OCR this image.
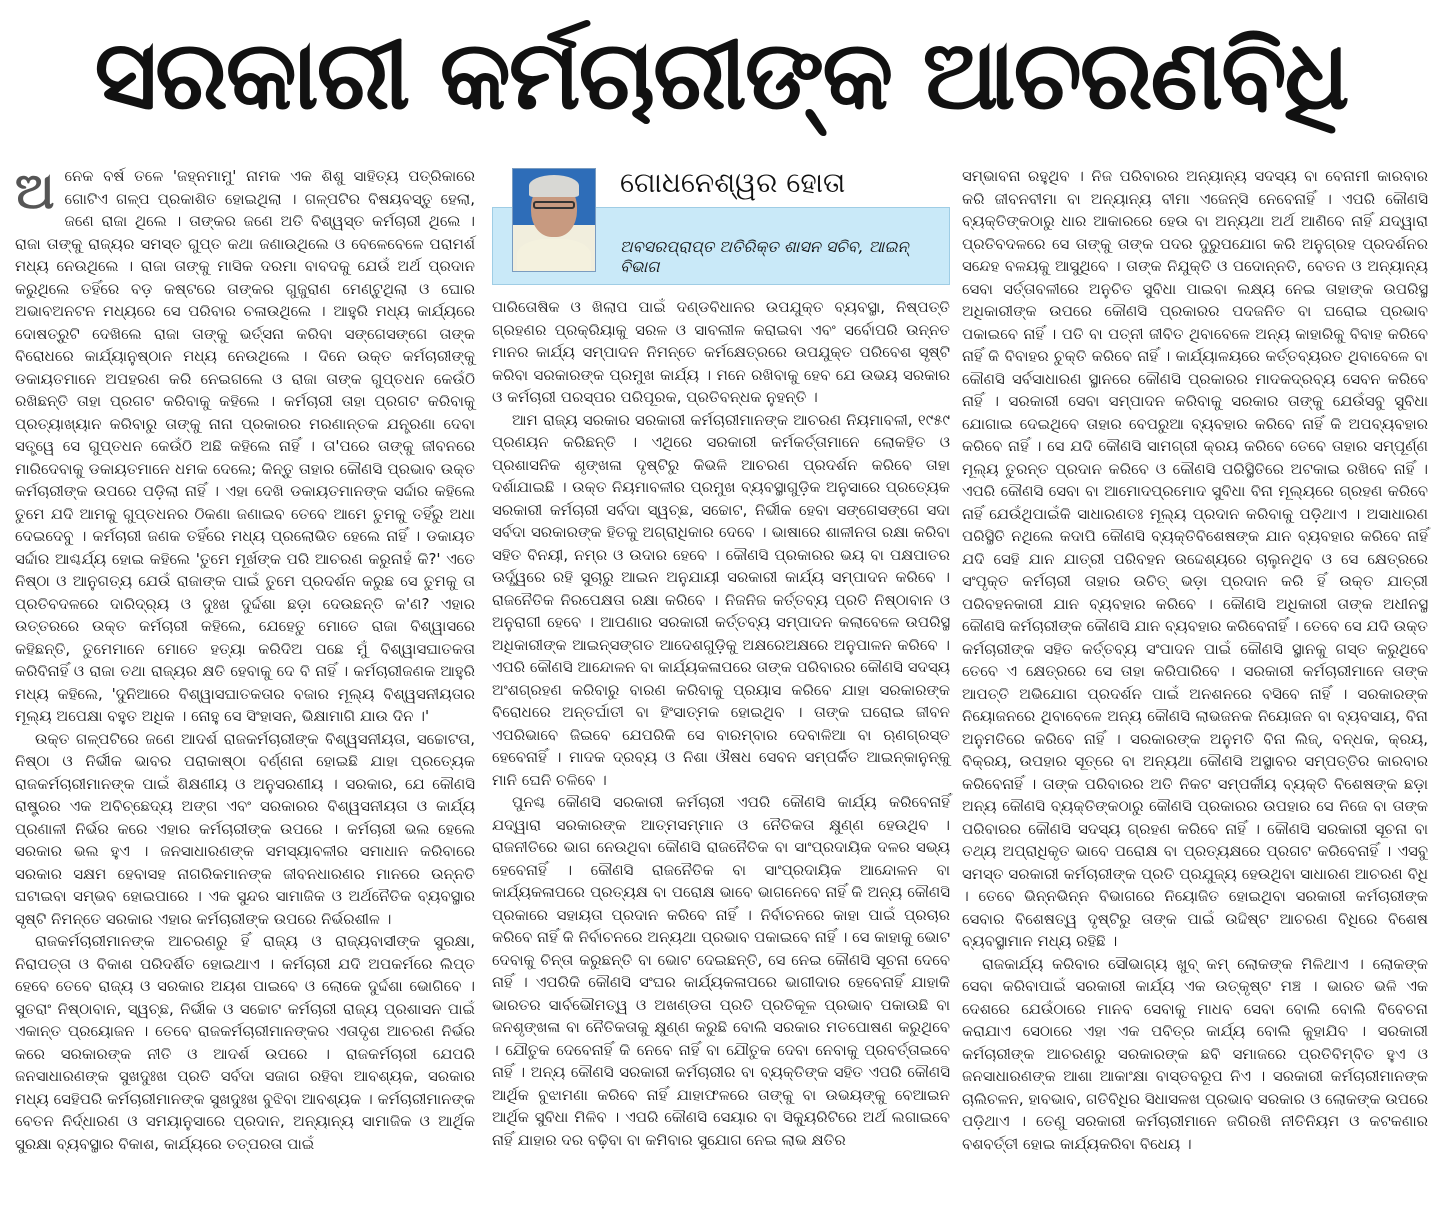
ସରକାରୀ କର୍ମଚାରୀଙ୍କ ଆଚରଣବିଧି

ଅନେକ ବର୍ଷ ତଳେ 'ଜହ୍ନମାମୁ' ନାମକ ଏକ ଶିଶୁ ସାହିତ୍ୟ ପତ୍ରିକାରେ ଗୋଟିଏ ଗଳ୍ପ ପ୍ରକାଶିତ ହୋଇଥିଲା । ଗଳ୍ପଟିର ବିଷୟବସ୍ତୁ ହେଲା, ଜଣେ ରାଜା ଥିଲେ । ତାଙ୍କର ଜଣେ ଅତି ବିଶ୍ୱସ୍ତ କର୍ମଚାରୀ ଥିଲେ । ରାଜା ତାଙ୍କୁ ରାଜ୍ୟର ସମସ୍ତ ଗୁପ୍ତ କଥା ଜଣାଉଥିଲେ ଓ ବେଳେବେଳେ ପରାମର୍ଶ ମଧ୍ୟ ନେଉଥିଲେ । ରାଜା ତାଙ୍କୁ ମାସିକ ଦରମା ବାବଦକୁ ଯେଉଁ ଅର୍ଥ ପ୍ରଦାନ କରୁଥିଲେ ତହିଁରେ ବଡ଼ କଷ୍ଟରେ ତାଙ୍କର ଗୁଜୁରାଣ ମେଣ୍ଟୁଥିଲା ଓ ଘୋର ଅଭାବଅନଟନ ମଧ୍ୟରେ ସେ ପରିବାର ଚଳାଉଥିଲେ । ଆହୁରି ମଧ୍ୟ କାର୍ଯ୍ୟରେ ଦୋଷତ୍ରୁଟି ଦେଖିଲେ ରାଜା ତାଙ୍କୁ ଭର୍ତ୍ସନା କରିବା ସଙ୍ଗେସଙ୍ଗେ ତାଙ୍କ ବିରୋଧରେ କାର୍ଯ୍ୟାନୁଷ୍ଠାନ ମଧ୍ୟ ନେଉଥିଲେ । ଦିନେ ଉକ୍ତ କର୍ମଚାରୀଙ୍କୁ ଡକାୟତମାନେ ଅପହରଣ କରି ନେଇଗଲେ ଓ ରାଜା ତାଙ୍କ ଗୁପ୍ତଧନ କେଉଁଠି ରଖିଛନ୍ତି ତାହା ପ୍ରଗଟ କରିବାକୁ କହିଲେ । କର୍ମଚାରୀ ତାହା ପ୍ରଗଟ କରିବାକୁ ପ୍ରତ୍ୟାଖ୍ୟାନ କରିବାରୁ ତାଙ୍କୁ ନାନା ପ୍ରକାରର ମରଣାନ୍ତକ ଯନ୍ତ୍ରଣା ଦେବା ସତ୍ତ୍ୱେ ସେ ଗୁପ୍ତଧନ କେଉଁଠି ଅଛି କହିଲେ ନାହିଁ । ତା'ପରେ ତାଙ୍କୁ ଜୀବନରେ ମାରିଦେବାକୁ ଡକାୟତମାନେ ଧମକ ଦେଲେ; କିନ୍ତୁ ତାହାର କୌଣସି ପ୍ରଭାବ ଉକ୍ତ କର୍ମଚାରୀଙ୍କ ଉପରେ ପଡ଼ିଲା ନାହିଁ । ଏହା ଦେଖି ଡକାୟତମାନଙ୍କ ସର୍ଦ୍ଦାର କହିଲେ ତୁମେ ଯଦି ଆମକୁ ଗୁପ୍ତଧନର ଠିକଣା ଜଣାଇବ ତେବେ ଆମେ ତୁମକୁ ତହିଁରୁ ଅଧା ଦେଇଦେବୁ । କର୍ମଚାରୀ ଜଣକ ତହିଁରେ ମଧ୍ୟ ପ୍ରଲୋଭିତ ହେଲେ ନାହିଁ । ଡକାୟତ ସର୍ଦ୍ଦାର ଆଶ୍ଚର୍ଯ୍ୟ ହୋଇ କହିଲେ 'ତୁମେ ମୂର୍ଖଙ୍କ ପରି ଆଚରଣ କରୁନାହଁ କି?' ଏତେ ନିଷ୍ଠା ଓ ଆନୁଗତ୍ୟ ଯେଉଁ ରାଜାଙ୍କ ପାଇଁ ତୁମେ ପ୍ରଦର୍ଶନ କରୁଛ ସେ ତୁମକୁ ତା ପ୍ରତିବଦଳରେ ଦାରିଦ୍ର୍ୟ ଓ ଦୁଃଖ ଦୁର୍ଦ୍ଦଶା ଛଡ଼ା ଦେଉଛନ୍ତି କ'ଣ? ଏହାର ଉତ୍ତରରେ ଉକ୍ତ କର୍ମଚାରୀ କହିଲେ, ଯେହେତୁ ମୋତେ ରାଜା ବିଶ୍ୱାସରେ କହିଛନ୍ତି, ତୁମେମାନେ ମୋତେ ହତ୍ୟା କରିଦିଅ ପଛେ ମୁଁ ବିଶ୍ୱାସଘାତକତା କରିବିନାହିଁ ଓ ରାଜା ତଥା ରାଜ୍ୟର କ୍ଷତି ହେବାକୁ ଦେ ବି ନାହିଁ । କର୍ମଚାରୀଜଣକ ଆହୁରି ମଧ୍ୟ କହିଲେ, 'ଦୁନିଆରେ ବିଶ୍ୱାସଘାତକତାର ବଜାର ମୂଲ୍ୟ ବିଶ୍ୱସନୀୟତାର ମୂଲ୍ୟ ଅପେକ୍ଷା ବହୁତ ଅଧିକ । ନୋହୁ ସେ ସିଂହାସନ, ଭିକ୍ଷାମାଗି ଯାଉ ଦିନ ।'

ଉକ୍ତ ଗଳ୍ପଟିରେ ଜଣେ ଆଦର୍ଶ ରାଜକର୍ମଚାରୀଙ୍କ ବିଶ୍ୱସନୀୟତା, ସଚ୍ଚୋଟତା, ନିଷ୍ଠା ଓ ନିର୍ଭୀକ ଭାବର ପରାକାଷ୍ଠା ବର୍ଣ୍ଣନା ହୋଇଛି ଯାହା ପ୍ରତ୍ୟେକ ରାଜକର୍ମଚାରୀମାନଙ୍କ ପାଇଁ ଶିକ୍ଷଣୀୟ ଓ ଅନୁସରଣୀୟ । ସରକାର, ଯେ କୌଣସି ରାଷ୍ଟ୍ରର ଏକ ଅବିଚ୍ଛେଦ୍ୟ ଅଙ୍ଗ ଏବଂ ସରକାରର ବିଶ୍ୱସନୀୟତା ଓ କାର୍ଯ୍ୟ ପ୍ରଣାଳୀ ନିର୍ଭର କରେ ଏହାର କର୍ମଚାରୀଙ୍କ ଉପରେ । କର୍ମଚାରୀ ଭଲ ହେଲେ ସରକାର ଭଲ ହୁଏ । ଜନସାଧାରଣଙ୍କ ସମସ୍ୟାବଳୀର ସମାଧାନ କରିବାରେ ସରକାର ସକ୍ଷମ ହେବାସହ ନାଗରିକମାନଙ୍କ ଜୀବନଧାରଣର ମାନରେ ଉନ୍ନତି ଘଟାଇବା ସମ୍ଭବ ହୋଇପାରେ । ଏକ ସୁନ୍ଦର ସାମାଜିକ ଓ ଅର୍ଥନୈତିକ ବ୍ୟବସ୍ଥାର ସୃଷ୍ଟି ନିମନ୍ତେ ସରକାର ଏହାର କର୍ମଚାରୀଙ୍କ ଉପରେ ନିର୍ଭରଶୀଳ ।

ରାଜକର୍ମଚାରୀମାନଙ୍କ ଆଚରଣରୁ ହିଁ ରାଜ୍ୟ ଓ ରାଜ୍ୟବାସୀଙ୍କ ସୁରକ୍ଷା, ନିରାପତ୍ତା ଓ ବିକାଶ ପରିଦର୍ଶିତ ହୋଇଥାଏ । କର୍ମଚାରୀ ଯଦି ଅପକର୍ମରେ ଲିପ୍ତ ହେବେ ତେବେ ରାଜ୍ୟ ଓ ସରକାର ଅୟଶ ପାଇବେ ଓ ଲୋକେ ଦୁର୍ଦ୍ଦଶା ଭୋଗିବେ । ସୁତରାଂ ନିଷ୍ଠାବାନ, ସ୍ୱଚ୍ଛ, ନିର୍ଭୀକ ଓ ସଚ୍ଚୋଟ କର୍ମଚାରୀ ରାଜ୍ୟ ପ୍ରଶାସନ ପାଇଁ ଏକାନ୍ତ ପ୍ରୟୋଜନ । ତେବେ ରାଜକର୍ମଚାରୀମାନଙ୍କର ଏତାଦୃଶ ଆଚରଣ ନିର୍ଭର କରେ ସରକାରଙ୍କ ନୀତି ଓ ଆଦର୍ଶ ଉପରେ । ରାଜକର୍ମଚାରୀ ଯେପରି ଜନସାଧାରଣଙ୍କ ସୁଖଦୁଃଖ ପ୍ରତି ସର୍ବଦା ସଜାଗ ରହିବା ଆବଶ୍ୟକ, ସରକାର ମଧ୍ୟ ସେହିପରି କର୍ମଚାରୀମାନଙ୍କ ସୁଖଦୁଃଖ ବୁଝିବା ଆବଶ୍ୟକ । କର୍ମଚାରୀମାନଙ୍କ ବେତନ ନିର୍ଦ୍ଧାରଣ ଓ ସମୟାନୁସାରେ ପ୍ରଦାନ, ଅନ୍ୟାନ୍ୟ ସାମାଜିକ ଓ ଆର୍ଥିକ ସୁରକ୍ଷା ବ୍ୟବସ୍ଥାର ବିକାଶ, କାର୍ଯ୍ୟରେ ତତ୍ପରତା ପାଇଁ

ଗୋଧନେଶ୍ୱର ହୋତା
ଅବସରପ୍ରାପ୍ତ ଅତିରିକ୍ତ ଶାସନ ସଚିବ, ଆଇନ୍ ବିଭାଗ

ପାରିତୋଷିକ ଓ ଖିଲାପ ପାଇଁ ଦଣ୍ଡବିଧାନର ଉପଯୁକ୍ତ ବ୍ୟବସ୍ଥା, ନିଷ୍ପତ୍ତି ଗ୍ରହଣର ପ୍ରକ୍ରିୟାକୁ ସରଳ ଓ ସାବଲୀଳ କରାଇବା ଏବଂ ସର୍ବୋପରି ଉନ୍ନତ ମାନର କାର୍ଯ୍ୟ ସମ୍ପାଦନ ନିମନ୍ତେ କର୍ମକ୍ଷେତ୍ରରେ ଉପଯୁକ୍ତ ପରିବେଶ ସୃଷ୍ଟି କରିବା ସରକାରଙ୍କ ପ୍ରମୁଖ କାର୍ଯ୍ୟ । ମନେ ରଖିବାକୁ ହେବ ଯେ ଉଭୟ ସରକାର ଓ କର୍ମଚାରୀ ପରସ୍ପର ପରିପୂରକ, ପ୍ରତିବନ୍ଧକ ନୁହନ୍ତି ।

ଆମ ରାଜ୍ୟ ସରକାର ସରକାରୀ କର୍ମଚାରୀମାନଙ୍କ ଆଚରଣ ନିୟମାବଳୀ, ୧୯୫୯ ପ୍ରଣୟନ କରିଛନ୍ତି । ଏଥିରେ ସରକାରୀ କର୍ମକର୍ତ୍ତାମାନେ ଲୋକହିତ ଓ ପ୍ରଶାସନିକ ଶୃଙ୍ଖଳା ଦୃଷ୍ଟିରୁ କିଭଳି ଆଚରଣ ପ୍ରଦର୍ଶନ କରିବେ ତାହା ଦର୍ଶାଯାଇଛି । ଉକ୍ତ ନିୟମାବଳୀର ପ୍ରମୁଖ ବ୍ୟବସ୍ଥାଗୁଡ଼ିକ ଅନୁସାରେ ପ୍ରତ୍ୟେକ ସରକାରୀ କର୍ମଚାରୀ ସର୍ବଦା ସ୍ୱଚ୍ଛ, ସଚ୍ଚୋଟ, ନିର୍ଭୀକ ହେବା ସଙ୍ଗେସଙ୍ଗେ ସଦା ସର୍ବଦା ସରକାରଙ୍କ ହିତକୁ ଅଗ୍ରାଧିକାର ଦେବେ । ଭାଷାରେ ଶାଳୀନତା ରକ୍ଷା କରିବା ସହିତ ବିନୟୀ, ନମ୍ର ଓ ଉଦାର ହେବେ । କୌଣସି ପ୍ରକାରର ଭୟ ବା ପକ୍ଷପାତର ଊର୍ଦ୍ଧ୍ୱରେ ରହି ସୁଚାରୁ ଆଇନ ଅନୁଯାୟୀ ସରକାରୀ କାର୍ଯ୍ୟ ସମ୍ପାଦନ କରିବେ । ରାଜନୈତିକ ନିରପେକ୍ଷତା ରକ୍ଷା କରିବେ । ନିଜନିଜ କର୍ତ୍ତବ୍ୟ ପ୍ରତି ନିଷ୍ଠାବାନ ଓ ଅନୁରାଗୀ ହେବେ । ଆପଣାର ସରକାରୀ କର୍ତ୍ତବ୍ୟ ସମ୍ପାଦନ କଲାବେଳେ ଉପରିସ୍ଥ ଅଧିକାରୀଙ୍କ ଆଇନ୍‌ସଙ୍ଗତ ଆଦେଶଗୁଡ଼ିକୁ ଅକ୍ଷରେଅକ୍ଷରେ ଅନୁପାଳନ କରିବେ । ଏପରି କୌଣସି ଆନ୍ଦୋଳନ ବା କାର୍ଯ୍ୟକଳାପରେ ତାଙ୍କ ପରିବାରର କୌଣସି ସଦସ୍ୟ ଅଂଶଗ୍ରହଣ କରିବାରୁ ବାରଣ କରିବାକୁ ପ୍ରୟାସ କରିବେ ଯାହା ସରକାରଙ୍କ ବିରୋଧରେ ଅନ୍ତର୍ଘାତୀ ବା ହିଂସାତ୍ମକ ହୋଇଥିବ । ତାଙ୍କ ଘରୋଇ ଜୀବନ ଏପରିଭାବେ ଜିଇବେ ଯେପରିକି ସେ ବାରମ୍ବାର ଦେବାଳିଆ ବା ଋଣଗ୍ରସ୍ତ ହେବେନାହିଁ । ମାଦକ ଦ୍ରବ୍ୟ ଓ ନିଶା ଔଷଧ ସେବନ ସମ୍ପର୍କିତ ଆଇନ୍‌କାନୁନ୍‌କୁ ମାନି ଘେନି ଚଳିବେ ।

ପୁନଶ୍ଚ କୌଣସି ସରକାରୀ କର୍ମଚାରୀ ଏପରି କୌଣସି କାର୍ଯ୍ୟ କରିବେନାହିଁ ଯଦ୍ୱାରା ସରକାରଙ୍କ ଆତ୍ମସମ୍ମାନ ଓ ନୈତିକତା କ୍ଷୁଣ୍ଣ ହେଉଥିବ । ରାଜନୀତିରେ ଭାଗ ନେଉଥିବା କୌଣସି ରାଜନୈତିକ ବା ସାଂପ୍ରଦାୟିକ ଦଳର ସଭ୍ୟ ହେବେନାହିଁ । କୌଣସି ରାଜନୈତିକ ବା ସାଂପ୍ରଦାୟିକ ଆନ୍ଦୋଳନ ବା କାର୍ଯ୍ୟକଳାପରେ ପ୍ରତ୍ୟକ୍ଷ ବା ପରୋକ୍ଷ ଭାବେ ଭାଗନେବେ ନାହିଁ କି ଅନ୍ୟ କୌଣସି ପ୍ରକାରେ ସହାୟତା ପ୍ରଦାନ କରିବେ ନାହିଁ । ନିର୍ବାଚନରେ କାହା ପାଇଁ ପ୍ରଚାର କରିବେ ନାହିଁ କି ନିର୍ବାଚନରେ ଅନ୍ୟଥା ପ୍ରଭାବ ପକାଇବେ ନାହିଁ । ସେ କାହାକୁ ଭୋଟ ଦେବାକୁ ଚିନ୍ତା କରୁଛନ୍ତି ବା ଭୋଟ ଦେଇଛନ୍ତି, ସେ ନେଇ କୌଣସି ସୂଚନା ଦେବେ ନାହିଁ । ଏପରିକି କୌଣସି ସଂଘର କାର୍ଯ୍ୟକଳାପରେ ଭାଗୀଦାର ହେବେନାହିଁ ଯାହାକି ଭାରତର ସାର୍ବଭୌମତ୍ୱ ଓ ଅଖଣ୍ଡତା ପ୍ରତି ପ୍ରତିକୂଳ ପ୍ରଭାବ ପକାଉଛି ବା ଜନଶୃଙ୍ଖଳା ବା ନୈତିକତାକୁ କ୍ଷୁଣ୍ଣ କରୁଛି ବୋଲି ସରକାର ମତପୋଷଣ କରୁଥିବେ । ଯୌତୁକ ଦେବେନାହିଁ କି ନେବେ ନାହିଁ ବା ଯୌତୁକ ଦେବା ନେବାକୁ ପ୍ରବର୍ତ୍ତାଇବେ ନାହିଁ । ଅନ୍ୟ କୌଣସି ସରକାରୀ କର୍ମଚାରୀର ବା ବ୍ୟକ୍ତିଙ୍କ ସହିତ ଏପରି କୌଣସି ଆର୍ଥିକ ବୁଝାମଣା କରିବେ ନାହିଁ ଯାହାଫଳରେ ତାଙ୍କୁ ବା ଉଭୟଙ୍କୁ ବେଆଇନ ଆର୍ଥିକ ସୁବିଧା ମିଳିବ । ଏପରି କୌଣସି ସେୟାର ବା ସିକ୍ୟୁରିଟିରେ ଅର୍ଥ ଲଗାଇବେ ନାହିଁ ଯାହାର ଦର ବଢ଼ିବା ବା କମିବାର ସୁଯୋଗ ନେଇ ଲାଭ କ୍ଷତିର

ସମ୍ଭାବନା ରହୁଥିବ । ନିଜ ପରିବାରର ଅନ୍ୟାନ୍ୟ ସଦସ୍ୟ ବା ବେନାମୀ କାରବାର କରି ଜୀବନବୀମା ବା ଅନ୍ୟାନ୍ୟ ବୀମା ଏଜେନ୍ସି ନେବେନାହିଁ । ଏପରି କୌଣସି ବ୍ୟକ୍ତିଙ୍କଠାରୁ ଧାର ଆକାରରେ ହେଉ ବା ଅନ୍ୟଥା ଅର୍ଥ ଆଣିବେ ନାହିଁ ଯଦ୍ୱାରା ପ୍ରତିବଦଳରେ ସେ ତାଙ୍କୁ ତାଙ୍କ ପଦର ଦୁରୁପଯୋଗ କରି ଅନୁଗ୍ରହ ପ୍ରଦର୍ଶନର ସନ୍ଦେହ ବଳୟକୁ ଆସୁଥିବେ । ତାଙ୍କ ନିଯୁକ୍ତି ଓ ପଦୋନ୍ନତି, ବେତନ ଓ ଅନ୍ୟାନ୍ୟ ସେବା ସର୍ତ୍ତାବଳୀରେ ଅନୁଚିତ ସୁବିଧା ପାଇବା ଲକ୍ଷ୍ୟ ନେଇ ତାହାଙ୍କ ଉପରିସ୍ଥ ଅଧିକାରୀଙ୍କ ଉପରେ କୌଣସି ପ୍ରକାରର ପଦଜନିତ ବା ଘରୋଇ ପ୍ରଭାବ ପକାଇବେ ନାହିଁ । ପତି ବା ପତ୍ନୀ ଜୀବିତ ଥିବାବେଳେ ଅନ୍ୟ କାହାରିକୁ ବିବାହ କରିବେ ନାହିଁ କି ବିବାହର ଚୁକ୍ତି କରିବେ ନାହିଁ । କାର୍ଯ୍ୟାଳୟରେ କର୍ତ୍ତବ୍ୟରତ ଥିବାବେଳେ ବା କୌଣସି ସର୍ବସାଧାରଣ ସ୍ଥାନରେ କୌଣସି ପ୍ରକାରର ମାଦକଦ୍ରବ୍ୟ ସେବନ କରିବେ ନାହିଁ । ସରକାରୀ ସେବା ସମ୍ପାଦନ କରିବାକୁ ସରକାର ତାଙ୍କୁ ଯେଉଁସବୁ ସୁବିଧା ଯୋଗାଇ ଦେଇଥିବେ ତାହାର ବେପରୁଆ ବ୍ୟବହାର କରିବେ ନାହିଁ କି ଅପବ୍ୟବହାର କରିବେ ନାହିଁ । ସେ ଯଦି କୌଣସି ସାମଗ୍ରୀ କ୍ରୟ କରିବେ ତେବେ ତାହାର ସମ୍ପୂର୍ଣ୍ଣ ମୂଲ୍ୟ ତୁରନ୍ତ ପ୍ରଦାନ କରିବେ ଓ କୌଣସି ପରିସ୍ଥିତିରେ ଅଟକାଇ ରଖିବେ ନାହିଁ । ଏପରି କୌଣସି ସେବା ବା ଆମୋଦପ୍ରମୋଦ ସୁବିଧା ବିନା ମୂଲ୍ୟରେ ଗ୍ରହଣ କରିବେ ନାହିଁ ଯେଉଁଥିପାଇଁକି ସାଧାରଣତଃ ମୂଲ୍ୟ ପ୍ରଦାନ କରିବାକୁ ପଡ଼ିଥାଏ । ଅସାଧାରଣ ପରିସ୍ଥିତି ନଥିଲେ କଦାପି କୌଣସି ବ୍ୟକ୍ତିବିଶେଷଙ୍କ ଯାନ ବ୍ୟବହାର କରିବେ ନାହିଁ ଯଦି ସେହି ଯାନ ଯାତ୍ରୀ ପରିବହନ ଉଦ୍ଦେଶ୍ୟରେ ଚାଲୁନଥିବ ଓ ସେ କ୍ଷେତ୍ରରେ ସଂପୃକ୍ତ କର୍ମଚାରୀ ତାହାର ଉଚିତ୍ ଭଡ଼ା ପ୍ରଦାନ କରି ହିଁ ଉକ୍ତ ଯାତ୍ରୀ ପରିବହନକାରୀ ଯାନ ବ୍ୟବହାର କରିବେ । କୌଣସି ଅଧିକାରୀ ତାଙ୍କ ଅଧୀନସ୍ଥ କୌଣସି କର୍ମଚାରୀଙ୍କ କୌଣସି ଯାନ ବ୍ୟବହାର କରିବେନାହିଁ । ତେବେ ସେ ଯଦି ଉକ୍ତ କର୍ମଚାରୀଙ୍କ ସହିତ କର୍ତ୍ତବ୍ୟ ସଂପାଦନ ପାଇଁ କୌଣସି ସ୍ଥାନକୁ ଗସ୍ତ କରୁଥିବେ ତେବେ ଏ କ୍ଷେତ୍ରରେ ସେ ତାହା କରିପାରିବେ । ସରକାରୀ କର୍ମଚାରୀମାନେ ତାଙ୍କ ଆପତ୍ତି ଅଭିଯୋଗ ପ୍ରଦର୍ଶନ ପାଇଁ ଅନଶନରେ ବସିବେ ନାହିଁ । ସରକାରଙ୍କ ନିୟୋଜନରେ ଥିବାବେଳେ ଅନ୍ୟ କୌଣସି ଲାଭଜନକ ନିୟୋଜନ ବା ବ୍ୟବସାୟ, ବିନା ଅନୁମତିରେ କରିବେ ନାହିଁ । ସରକାରଙ୍କ ଅନୁମତି ବିନା ଲିଜ୍, ବନ୍ଧକ, କ୍ରୟ, ବିକ୍ରୟ, ଉପହାର ସୂତ୍ରେ ବା ଅନ୍ୟଥା କୌଣସି ଅସ୍ଥାବର ସମ୍ପତ୍ତିର କାରବାର କରିବେନାହିଁ । ତାଙ୍କ ପରିବାରର ଅତି ନିକଟ ସମ୍ପର୍କୀୟ ବ୍ୟକ୍ତି ବିଶେଷଙ୍କ ଛଡ଼ା ଅନ୍ୟ କୌଣସି ବ୍ୟକ୍ତିଙ୍କଠାରୁ କୌଣସି ପ୍ରକାରର ଉପହାର ସେ ନିଜେ ବା ତାଙ୍କ ପରିବାରର କୌଣସି ସଦସ୍ୟ ଗ୍ରହଣ କରିବେ ନାହିଁ । କୌଣସି ସରକାରୀ ସୂଚନା ବା ତଥ୍ୟ ଅପ୍ରାଧିକୃତ ଭାବେ ପରୋକ୍ଷ ବା ପ୍ରତ୍ୟକ୍ଷରେ ପ୍ରଗଟ କରିବେନାହିଁ । ଏସବୁ ସମସ୍ତ ସରକାରୀ କର୍ମଚାରୀଙ୍କ ପ୍ରତି ପ୍ରଯୁଜ୍ୟ ହେଉଥିବା ସାଧାରଣ ଆଚରଣ ବିଧି । ତେବେ ଭିନ୍ନଭିନ୍ନ ବିଭାଗରେ ନିୟୋଜିତ ହୋଇଥିବା ସରକାରୀ କର୍ମଚାରୀଙ୍କ ସେବାର ବିଶେଷତ୍ୱ ଦୃଷ୍ଟିରୁ ତାଙ୍କ ପାଇଁ ଉଦ୍ଦିଷ୍ଟ ଆଚରଣ ବିଧିରେ ବିଶେଷ ବ୍ୟବସ୍ଥାମାନ ମଧ୍ୟ ରହିଛି ।

ରାଜକାର୍ଯ୍ୟ କରିବାର ସୌଭାଗ୍ୟ ଖୁବ୍ କମ୍ ଲୋକଙ୍କ ମିଳିଥାଏ । ଲୋକଙ୍କ ସେବା କରିବାପାଇଁ ସରକାରୀ କାର୍ଯ୍ୟ ଏକ ଉତ୍କୃଷ୍ଟ ମଞ୍ଚ । ଭାରତ ଭଳି ଏକ ଦେଶରେ ଯେଉଁଠାରେ ମାନବ ସେବାକୁ ମାଧବ ସେବା ବୋଲି ବୋଲି ବିବେଚନା କରାଯାଏ ସେଠାରେ ଏହା ଏକ ପବିତ୍ର କାର୍ଯ୍ୟ ବୋଲି କୁହାଯିବ । ସରକାରୀ କର୍ମଚାରୀଙ୍କ ଆଚରଣରୁ ସରକାରଙ୍କ ଛବି ସମାଜରେ ପ୍ରତିବିମ୍ବିତ ହୁଏ ଓ ଜନସାଧାରଣଙ୍କ ଆଶା ଆକାଂକ୍ଷା ବାସ୍ତବରୂପ ନିଏ । ସରକାରୀ କର୍ମଚାରୀମାନଙ୍କ ଚାଲିଚଳନ, ହାବଭାବ, ଗତିବିଧିର ସିଧାସଳଖ ପ୍ରଭାବ ସରକାର ଓ ଲୋକଙ୍କ ଉପରେ ପଡ଼ିଥାଏ । ତେଣୁ ସରକାରୀ କର୍ମଚାରୀମାନେ ଜଗିରଖି ନୀତିନିୟମ ଓ କଟକଣାର ବଶବର୍ତ୍ତୀ ହୋଇ କାର୍ଯ୍ୟକରିବା ବିଧେୟ ।
